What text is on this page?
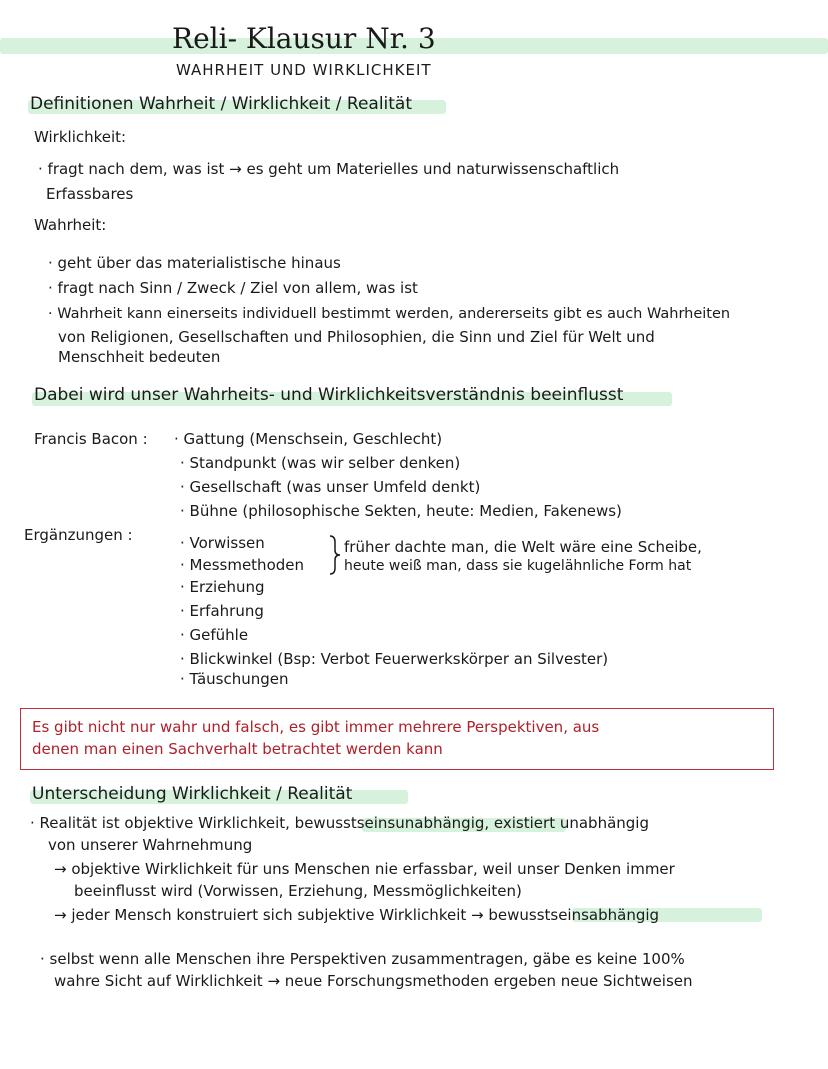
Reli- Klausur Nr. 3
WAHRHEIT UND WIRKLICHKEIT
Definitionen Wahrheit / Wirklichkeit / Realität
Wirklichkeit:
· fragt nach dem, was ist → es geht um Materielles und naturwissenschaftlich
Erfassbares
Wahrheit:
· geht über das materialistische hinaus
· fragt nach Sinn / Zweck / Ziel von allem, was ist
· Wahrheit kann einerseits individuell bestimmt werden, andererseits gibt es auch Wahrheiten
von Religionen, Gesellschaften und Philosophien, die Sinn und Ziel für Welt und
Menschheit bedeuten
Dabei wird unser Wahrheits- und Wirklichkeitsverständnis beeinflusst
Francis Bacon : · Gattung (Menschsein, Geschlecht)
· Standpunkt (was wir selber denken)
· Gesellschaft (was unser Umfeld denkt)
· Bühne (philosophische Sekten, heute: Medien, Fakenews)
Ergänzungen :	· Vorwissen
· Messmethoden
· Erziehung
· Erfahrung
· Gefühle
· Blickwinkel (Bsp: Verbot Feuerwerkskörper an Silvester)
· Täuschungen
früher dachte man, die Welt wäre eine Scheibe,
heute weiß man, dass sie kugelähnliche Form hat
Es gibt nicht nur wahr und falsch, es gibt immer mehrere Perspektiven, aus
denen man einen Sachverhalt betrachtet werden kann
Unterscheidung Wirklichkeit / Realität
· Realität ist objektive Wirklichkeit, bewusstseinsunabhängig, existiert unabhängig
von unserer Wahrnehmung
→ objektive Wirklichkeit für uns Menschen nie erfassbar, weil unser Denken immer
beeinflusst wird (Vorwissen, Erziehung, Messmöglichkeiten)
→ jeder Mensch konstruiert sich subjektive Wirklichkeit → bewusstseinsabhängig
· selbst wenn alle Menschen ihre Perspektiven zusammentragen, gäbe es keine 100%
wahre Sicht auf Wirklichkeit → neue Forschungsmethoden ergeben neue Sichtweisen
